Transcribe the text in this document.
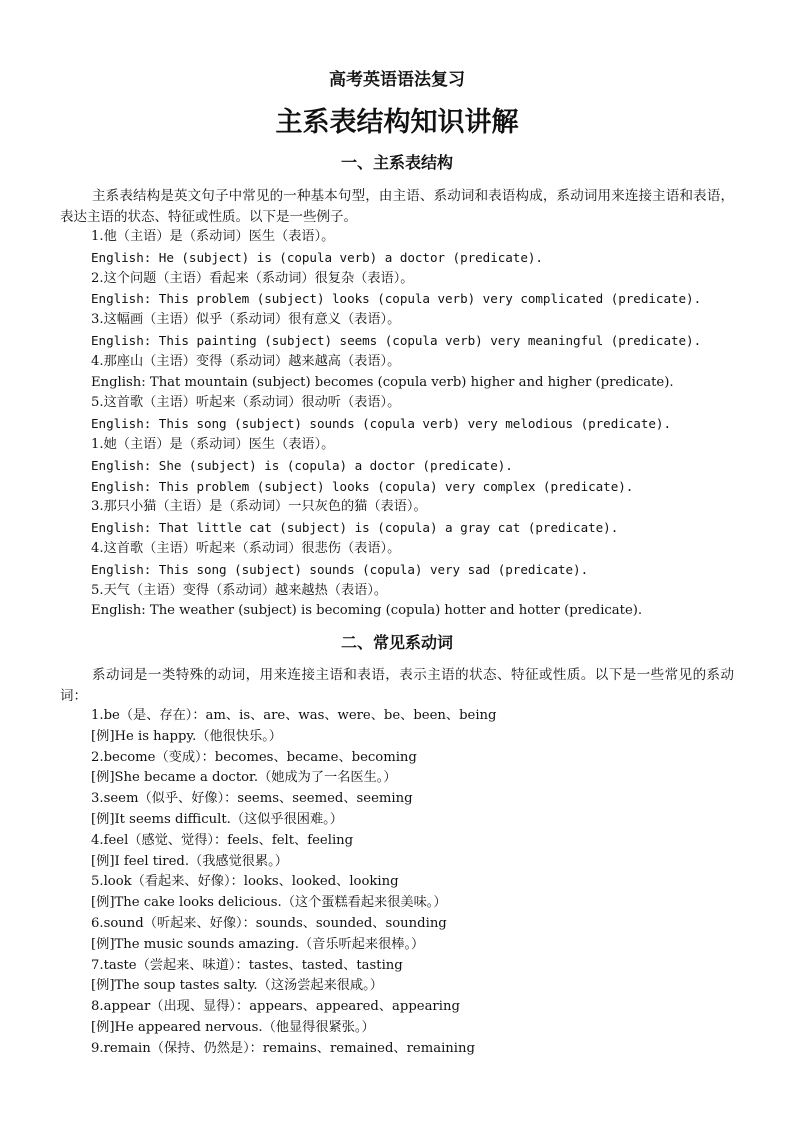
高考英语语法复习
主系表结构知识讲解
一、主系表结构
主系表结构是英文句子中常见的一种基本句型，由主语、系动词和表语构成，系动词用来连接主语和表语，表达主语的状态、特征或性质。以下是一些例子。
1.他（主语）是（系动词）医生（表语）。
English: He (subject) is (copula verb) a doctor (predicate).
2.这个问题（主语）看起来（系动词）很复杂（表语）。
English: This problem (subject) looks (copula verb) very complicated (predicate).
3.这幅画（主语）似乎（系动词）很有意义（表语）。
English: This painting (subject) seems (copula verb) very meaningful (predicate).
4.那座山（主语）变得（系动词）越来越高（表语）。
English: That mountain (subject) becomes (copula verb) higher and higher (predicate).
5.这首歌（主语）听起来（系动词）很动听（表语）。
English: This song (subject) sounds (copula verb) very melodious (predicate).
1.她（主语）是（系动词）医生（表语）。
English: She (subject) is (copula) a doctor (predicate).
English: This problem (subject) looks (copula) very complex (predicate).
3.那只小猫（主语）是（系动词）一只灰色的猫（表语）。
English: That little cat (subject) is (copula) a gray cat (predicate).
4.这首歌（主语）听起来（系动词）很悲伤（表语）。
English: This song (subject) sounds (copula) very sad (predicate).
5.天气（主语）变得（系动词）越来越热（表语）。
English: The weather (subject) is becoming (copula) hotter and hotter (predicate).
二、常见系动词
系动词是一类特殊的动词，用来连接主语和表语，表示主语的状态、特征或性质。以下是一些常见的系动词：
1.be（是、存在）：am、is、are、was、were、be、been、being
[例]He is happy.（他很快乐。）
2.become（变成）：becomes、became、becoming
[例]She became a doctor.（她成为了一名医生。）
3.seem（似乎、好像）：seems、seemed、seeming
[例]It seems difficult.（这似乎很困难。）
4.feel（感觉、觉得）：feels、felt、feeling
[例]I feel tired.（我感觉很累。）
5.look（看起来、好像）：looks、looked、looking
[例]The cake looks delicious.（这个蛋糕看起来很美味。）
6.sound（听起来、好像）：sounds、sounded、sounding
[例]The music sounds amazing.（音乐听起来很棒。）
7.taste（尝起来、味道）：tastes、tasted、tasting
[例]The soup tastes salty.（这汤尝起来很咸。）
8.appear（出现、显得）：appears、appeared、appearing
[例]He appeared nervous.（他显得很紧张。）
9.remain（保持、仍然是）：remains、remained、remaining
